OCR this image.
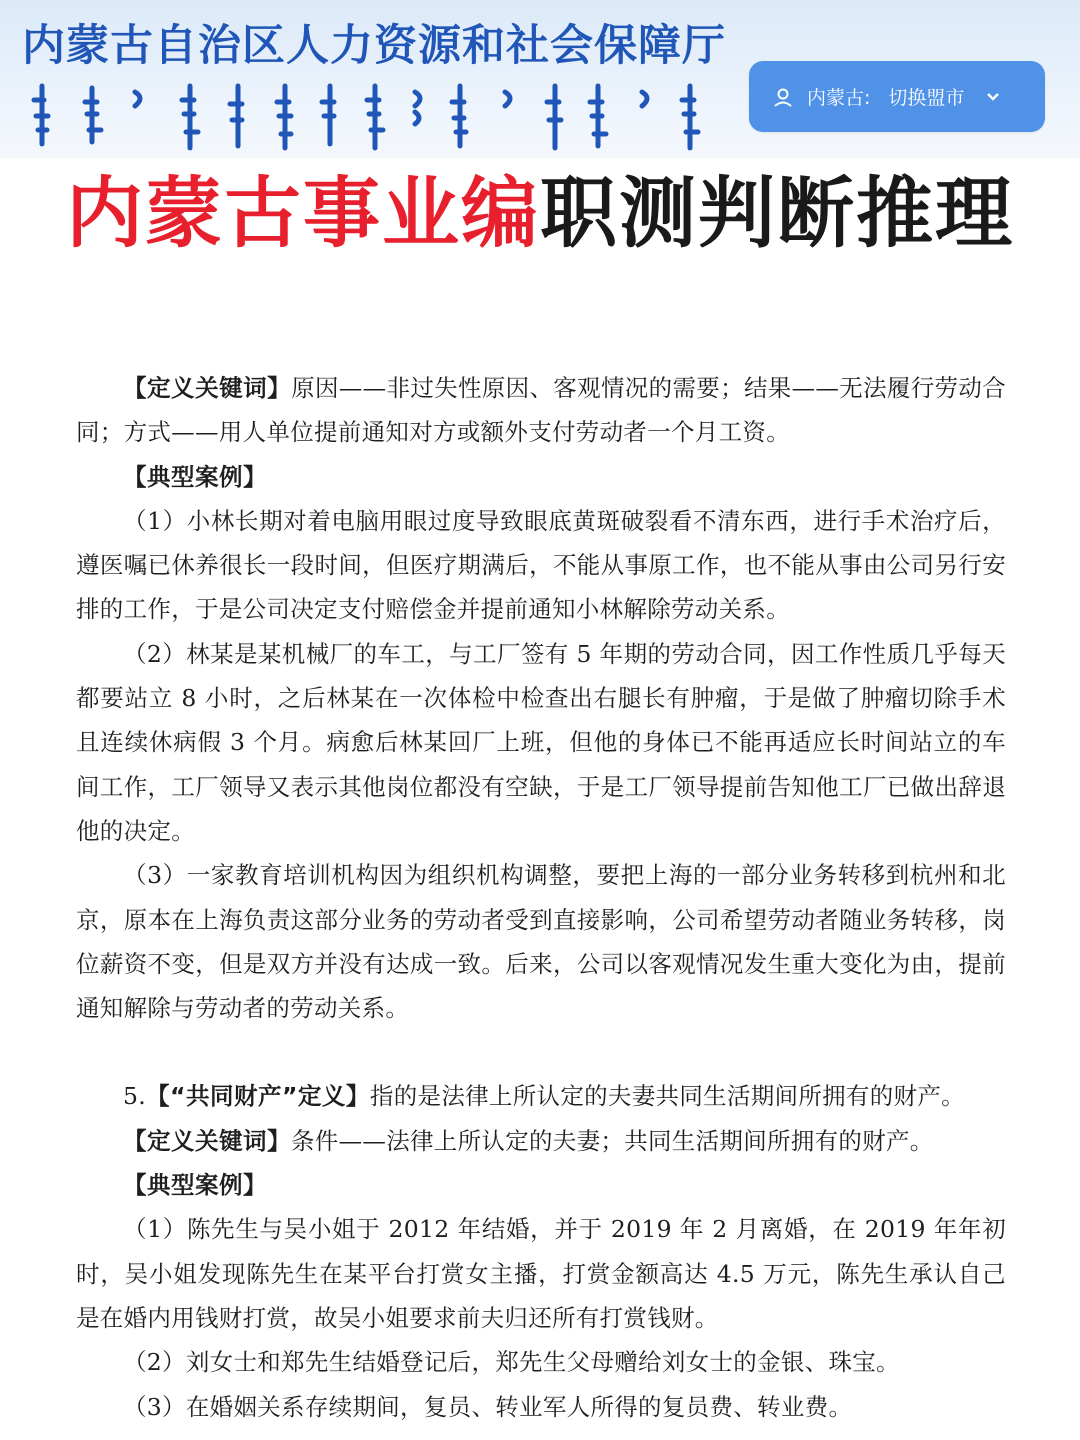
内蒙古自治区人力资源和社会保障厅
内蒙古: 切换盟市
内蒙古事业编职测判断推理

【定义关键词】原因——非过失性原因、客观情况的需要；结果——无法履行劳动合同；方式——用人单位提前通知对方或额外支付劳动者一个月工资。

【典型案例】

（1）小林长期对着电脑用眼过度导致眼底黄斑破裂看不清东西，进行手术治疗后，遵医嘱已休养很长一段时间，但医疗期满后，不能从事原工作，也不能从事由公司另行安排的工作，于是公司决定支付赔偿金并提前通知小林解除劳动关系。

（2）林某是某机械厂的车工，与工厂签有 5 年期的劳动合同，因工作性质几乎每天都要站立 8 小时，之后林某在一次体检中检查出右腿长有肿瘤，于是做了肿瘤切除手术且连续休病假 3 个月。病愈后林某回厂上班，但他的身体已不能再适应长时间站立的车间工作，工厂领导又表示其他岗位都没有空缺，于是工厂领导提前告知他工厂已做出辞退他的决定。

（3）一家教育培训机构因为组织机构调整，要把上海的一部分业务转移到杭州和北京，原本在上海负责这部分业务的劳动者受到直接影响，公司希望劳动者随业务转移，岗位薪资不变，但是双方并没有达成一致。后来，公司以客观情况发生重大变化为由，提前通知解除与劳动者的劳动关系。

5.【“共同财产”定义】指的是法律上所认定的夫妻共同生活期间所拥有的财产。

【定义关键词】条件——法律上所认定的夫妻；共同生活期间所拥有的财产。

【典型案例】

（1）陈先生与吴小姐于 2012 年结婚，并于 2019 年 2 月离婚，在 2019 年年初时，吴小姐发现陈先生在某平台打赏女主播，打赏金额高达 4.5 万元，陈先生承认自己是在婚内用钱财打赏，故吴小姐要求前夫归还所有打赏钱财。

（2）刘女士和郑先生结婚登记后，郑先生父母赠给刘女士的金银、珠宝。

（3）在婚姻关系存续期间，复员、转业军人所得的复员费、转业费。
